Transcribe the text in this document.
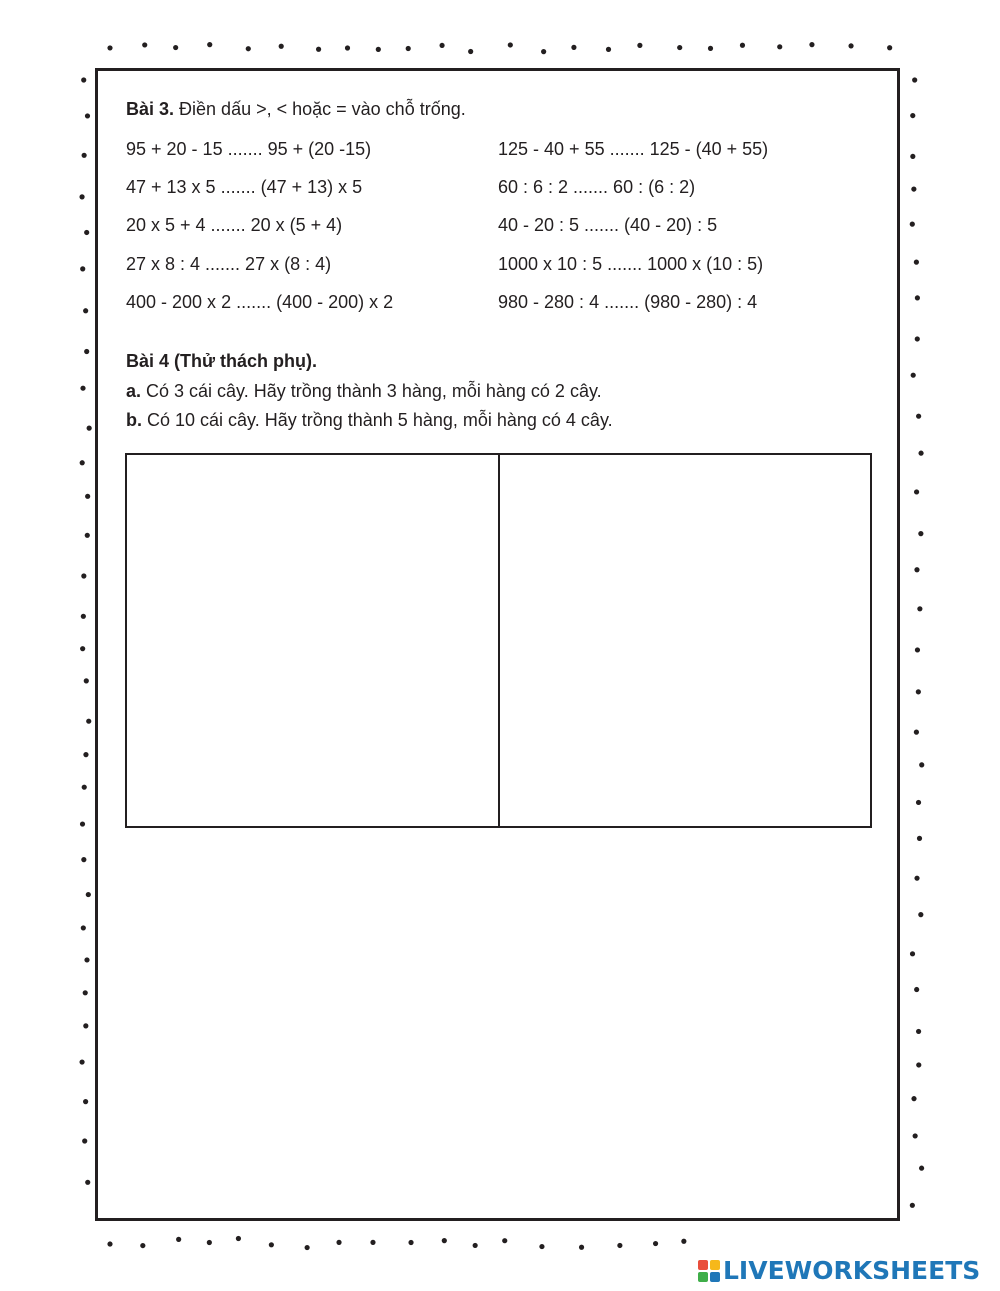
Bài 3. Điền dấu >, < hoặc = vào chỗ trống.
95 + 20 - 15 ....... 95 + (20 -15)
47 + 13 x 5 ....... (47 + 13) x 5
20 x 5 + 4 ....... 20 x (5 + 4)
27 x 8 : 4 ....... 27 x (8 : 4)
400 - 200 x 2 ....... (400 - 200) x 2
125 - 40 + 55 ....... 125 - (40 + 55)
60 : 6 : 2 ....... 60 : (6 : 2)
40 - 20 : 5 ....... (40 - 20) : 5
1000 x 10 : 5 ....... 1000 x (10 : 5)
980 - 280 : 4 ....... (980 - 280) : 4
Bài 4 (Thử thách phụ).
a. Có 3 cái cây. Hãy trồng thành 3 hàng, mỗi hàng có 2 cây.
b. Có 10 cái cây. Hãy trồng thành 5 hàng, mỗi hàng có 4 cây.
LIVEWORKSHEETS
